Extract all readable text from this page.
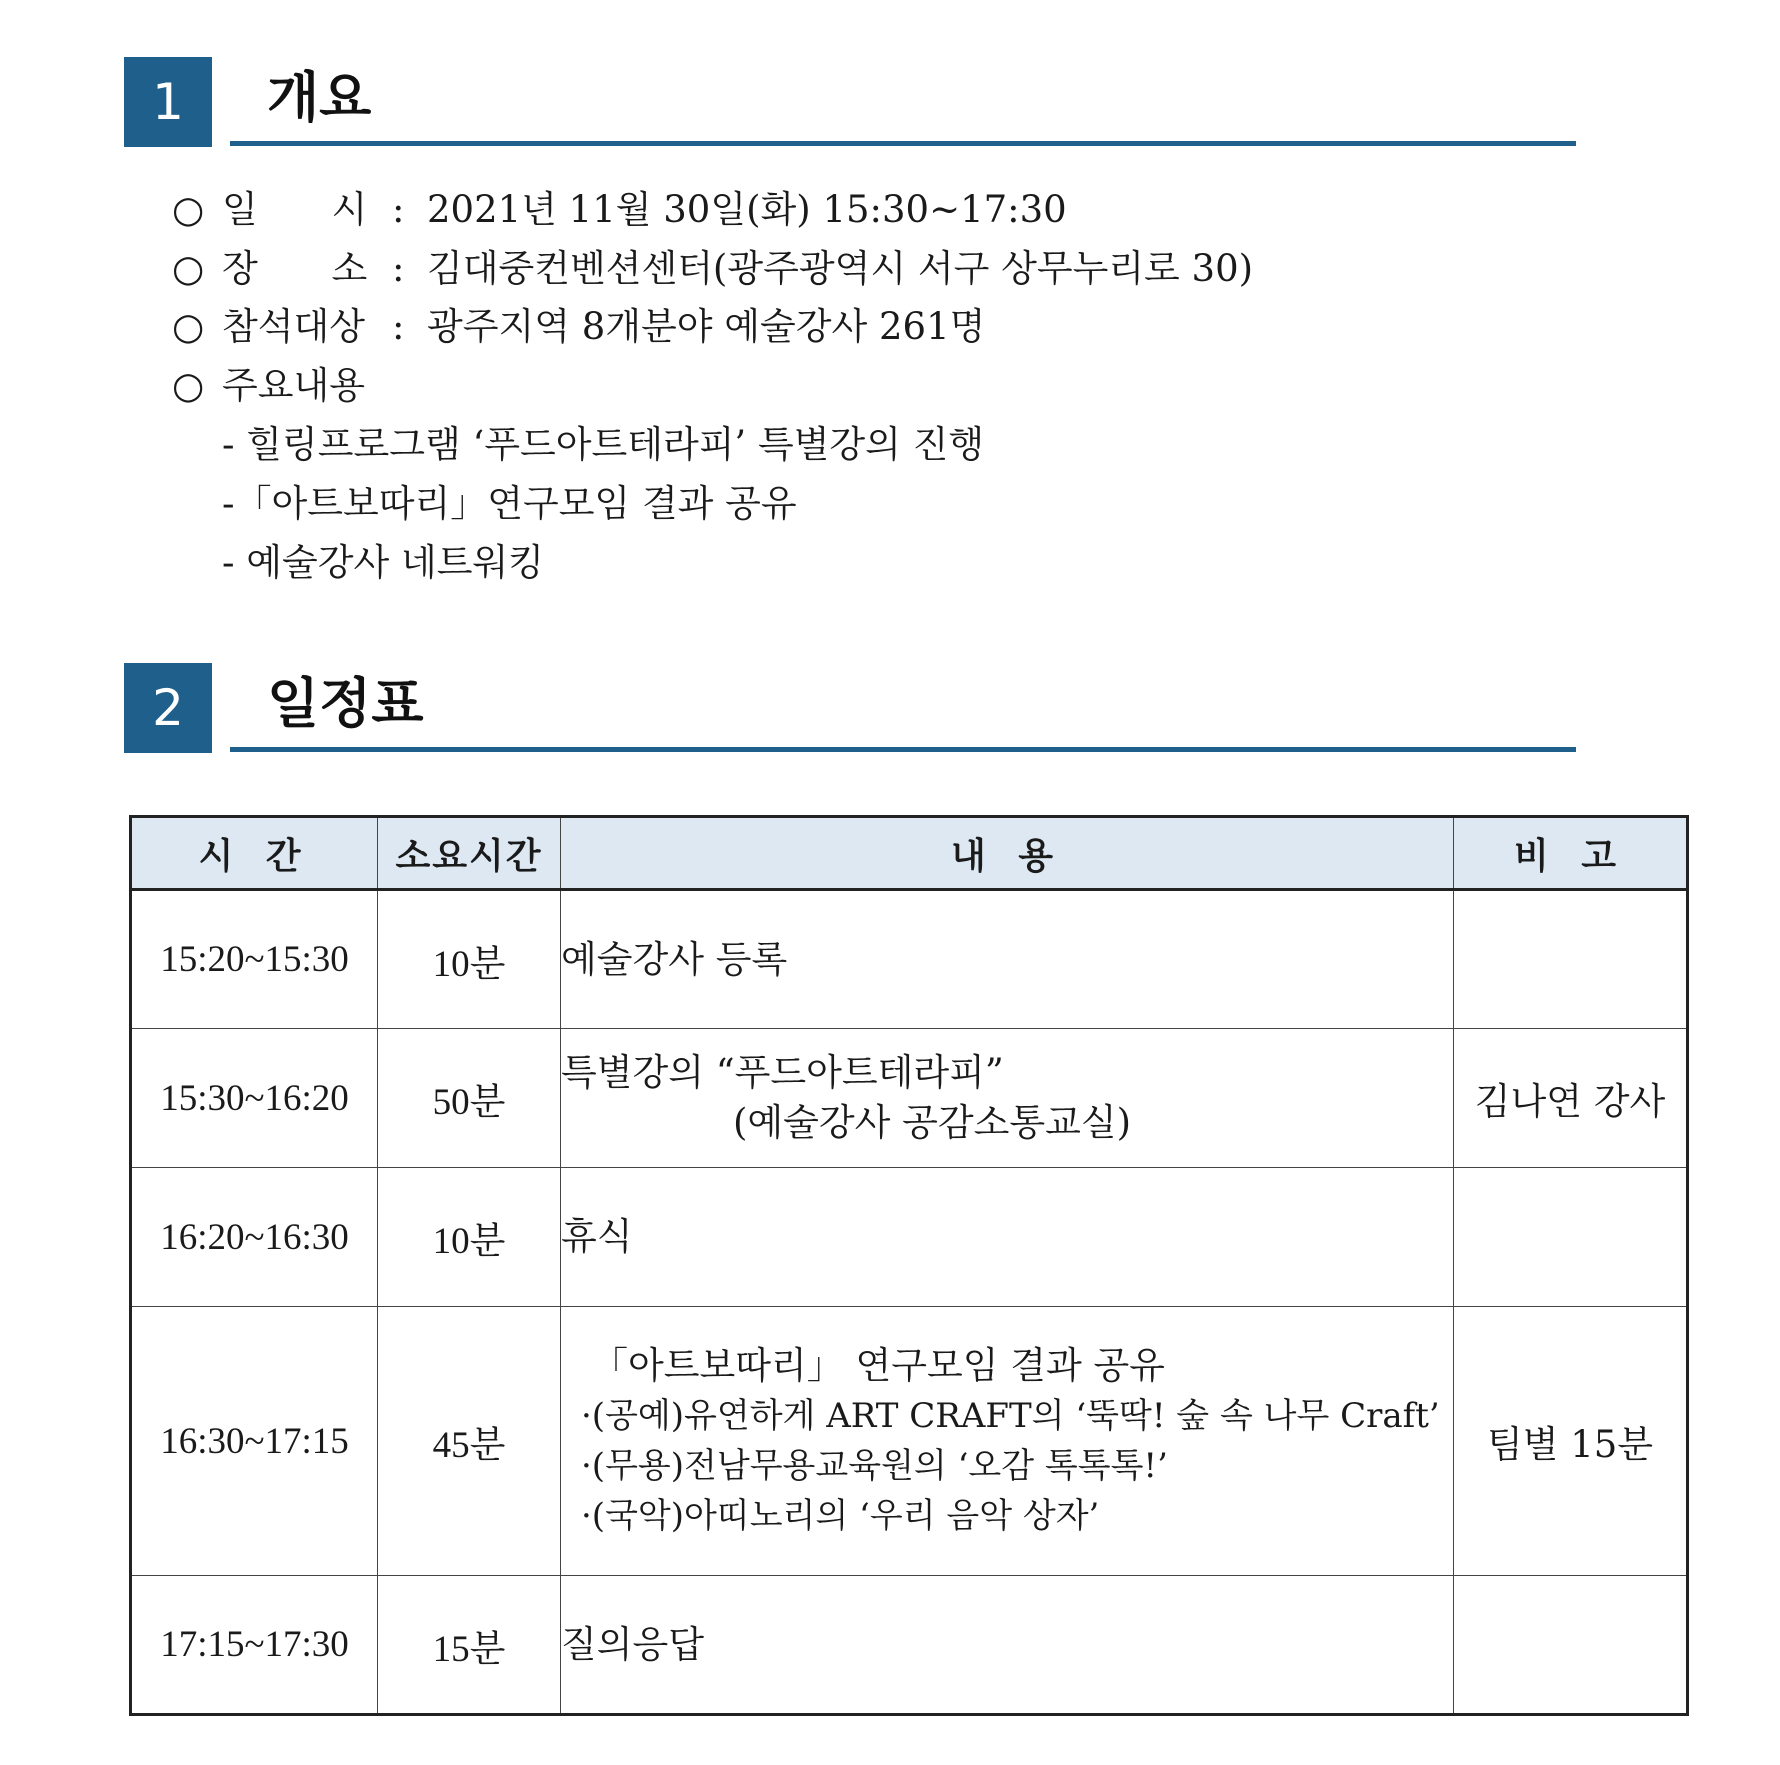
1	개요
○ 일 시 : 2021년 11월 30일(화) 15:30~17:30
○ 장 소 : 김대중컨벤션센터(광주광역시 서구 상무누리로 30)
○ 참석대상 : 광주지역 8개분야 예술강사 261명
○ 주요내용
- 힐링프로그램 ‘푸드아트테라피’ 특별강의 진행
-「아트보따리」연구모임 결과 공유
- 예술강사 네트워킹
2	일정표
시 간	소요시간	내 용	비 고
15:20~15:30	10분	예술강사 등록	

15:30~16:20	50분	특별강의 “푸드아트테라피”
(예술강사 공감소통교실)	김나연 강사
16:20~16:30	10분	휴식	

16:30~17:15	45분	「아트보따리」 연구모임 결과 공유
·(공예)유연하게 ART CRAFT의 ‘뚝딱! 숲 속 나무 Craft’
·(무용)전남무용교육원의 ‘오감 톡톡톡!’
·(국악)아띠노리의 ‘우리 음악 상자’	팀별 15분
17:15~17:30	15분	질의응답	
